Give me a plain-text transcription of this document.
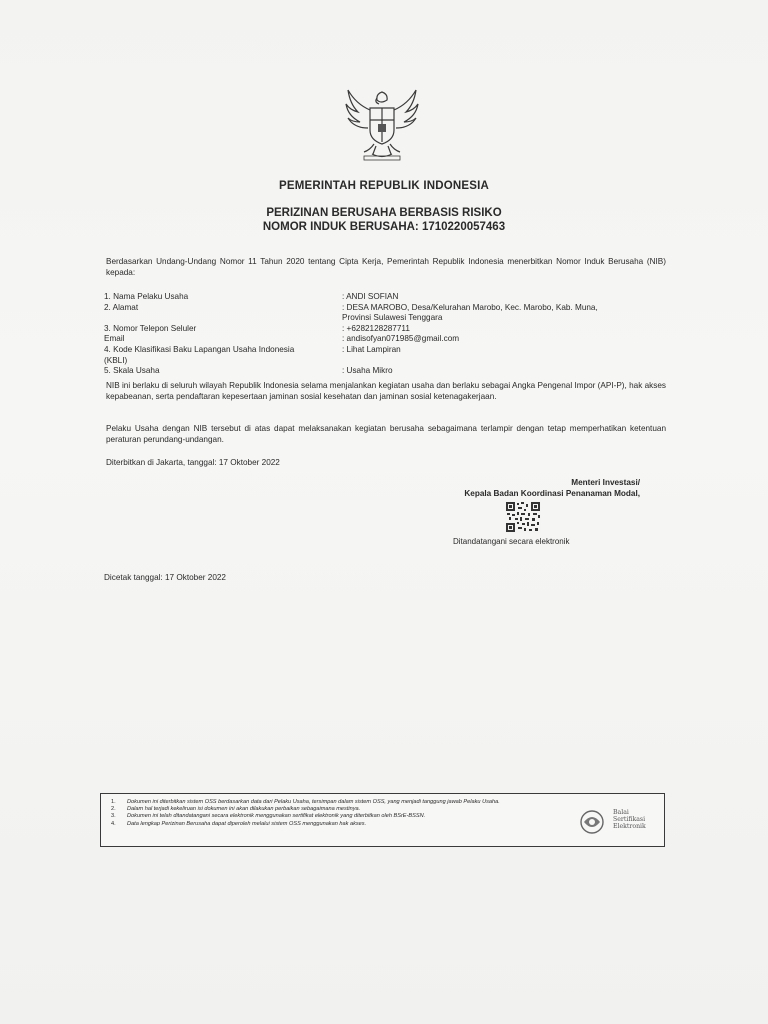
PEMERINTAH REPUBLIK INDONESIA
PERIZINAN BERUSAHA BERBASIS RISIKO
NOMOR INDUK BERUSAHA: 1710220057463
Berdasarkan Undang-Undang Nomor 11 Tahun 2020 tentang Cipta Kerja, Pemerintah Republik Indonesia menerbitkan Nomor Induk Berusaha (NIB) kepada:
1. Nama Pelaku Usaha	: ANDI SOFIAN
2. Alamat	: DESA MAROBO, Desa/Kelurahan Marobo, Kec. Marobo, Kab. Muna,
Provinsi Sulawesi Tenggara
3. Nomor Telepon Seluler	: +6282128287711
Email	: andisofyan071985@gmail.com
4. Kode Klasifikasi Baku Lapangan Usaha Indonesia	: Lihat Lampiran
(KBLI)
5. Skala Usaha	: Usaha Mikro
NIB ini berlaku di seluruh wilayah Republik Indonesia selama menjalankan kegiatan usaha dan berlaku sebagai Angka Pengenal Impor (API-P), hak akses kepabeanan, serta pendaftaran kepesertaan jaminan sosial kesehatan dan jaminan sosial ketenagakerjaan.
Pelaku Usaha dengan NIB tersebut di atas dapat melaksanakan kegiatan berusaha sebagaimana terlampir dengan tetap memperhatikan ketentuan peraturan perundang-undangan.
Diterbitkan di Jakarta, tanggal: 17 Oktober 2022
Menteri Investasi/
Kepala Badan Koordinasi Penanaman Modal,
Ditandatangani secara elektronik
Dicetak tanggal: 17 Oktober 2022
1. Dokumen ini diterbitkan sistem OSS berdasarkan data dari Pelaku Usaha, tersimpan dalam sistem OSS, yang menjadi tanggung jawab Pelaku Usaha.
2. Dalam hal terjadi kekeliruan isi dokumen ini akan dilakukan perbaikan sebagaimana mestinya.
3. Dokumen ini telah ditandatangani secara elektronik menggunakan sertifikat elektronik yang diterbitkan oleh BSrE-BSSN.
4. Data lengkap Perizinan Berusaha dapat diperoleh melalui sistem OSS menggunakan hak akses.
Balai
Sertifikasi
Elektronik
